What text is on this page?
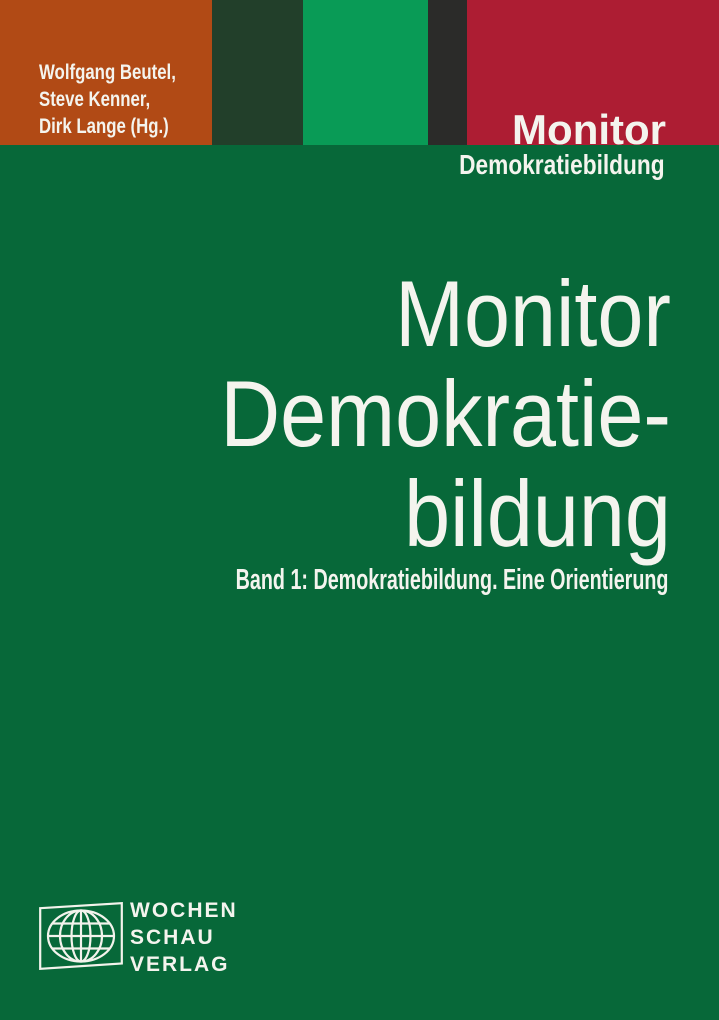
Wolfgang Beutel,
Steve Kenner,
Dirk Lange (Hg.)	Monitor
Demokratiebildung
Monitor
Demokratie-
bildung
Band 1: Demokratiebildung. Eine Orientierung
WOCHEN
SCHAU
VERLAG
